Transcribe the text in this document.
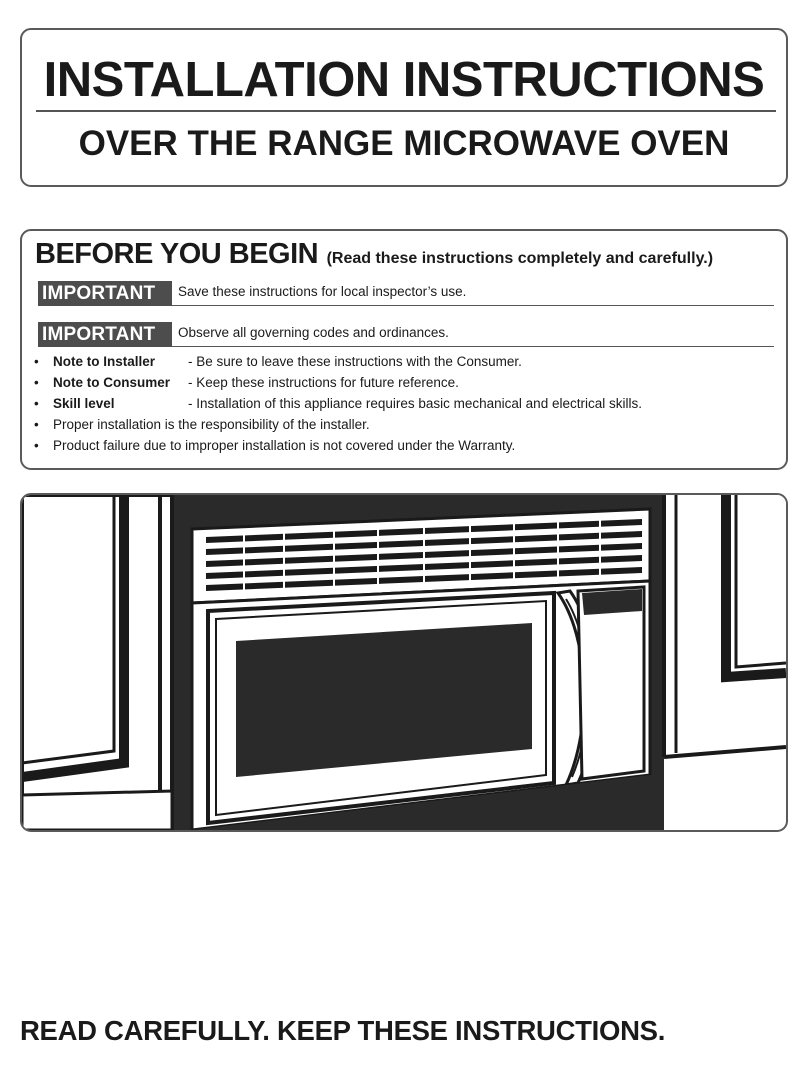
INSTALLATION INSTRUCTIONS
OVER THE RANGE MICROWAVE OVEN
BEFORE YOU BEGIN (Read these instructions completely and carefully.)
IMPORTANT	Save these instructions for local inspector’s use.
IMPORTANT	Observe all governing codes and ordinances.
• Note to Installer - Be sure to leave these instructions with the Consumer.
• Note to Consumer - Keep these instructions for future reference.
• Skill level	- Installation of this appliance requires basic mechanical and electrical skills.
• Proper installation is the responsibility of the installer.
• Product failure due to improper installation is not covered under the Warranty.
READ CAREFULLY. KEEP THESE INSTRUCTIONS.
